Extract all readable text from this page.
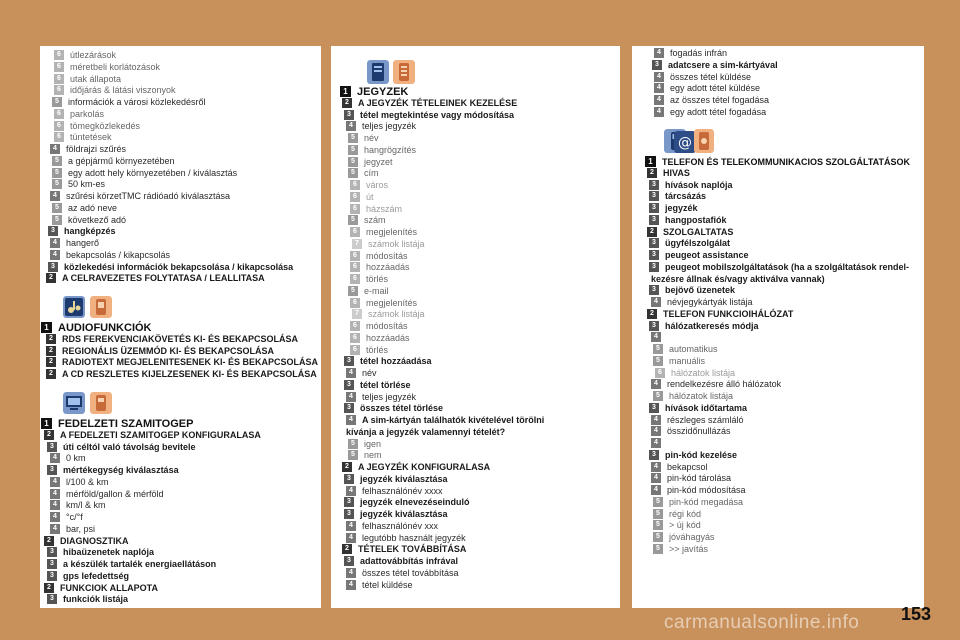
@
6 útlezárások
6 méretbeli korlátozások
6 utak állapota
6 időjárás & látási viszonyok
5 információk a városi közlekedésről
6 parkolás
6 tömegközlekedés
6 tüntetések
4 földrajzi szűrés
5 a gépjármű környezetében
5 egy adott hely környezetében / kiválasztás
5 50 km-es
4 szűrési körzetTMC rádióadó kiválasztása
5 az adó neve
5 következő adó
3 hangképzés
4 hangerő
4 bekapcsolás / kikapcsolás
3 közlekedési információk bekapcsolása / kikapcsolása
2 A CELRAVEZETES FOLYTATASA / LEALLITASA
1 AUDIOFUNKCIÓK
2 RDS FEREKVENCIAKÖVETÉS KI- ÉS BEKAPCSOLÁSA
2 REGIONÁLIS ÜZEMMÓD KI- ÉS BEKAPCSOLÁSA
2 RADIOTEXT MEGJELENITESENEK KI- ÉS BEKAPCSOLÁSA
2 A CD RESZLETES KIJELZESENEK KI- ÉS BEKAPCSOLÁSA
1 FEDELZETI SZAMITOGEP
2 A FEDELZETI SZAMITOGEP KONFIGURALASA
3 úti céltól való távolság bevitele
4 0 km
3 mértékegység kiválasztása
4 l/100 & km
4 mérföld/gallon & mérföld
4 km/l & km
4 °c/°f
4 bar, psi
2 DIAGNOSZTIKA
3 hibaüzenetek naplója
3 a készülék tartalék energiaellátáson
3 gps lefedettség
2 FUNKCIOK ALLAPOTA
3 funkciók listája
1 JEGYZEK
2 A JEGYZÉK TÉTELEINEK KEZELÉSE
3 tétel megtekintése vagy módosítása
4 teljes jegyzék
5 név
5 hangrögzítés
5 jegyzet
5 cím
6 város
6 út
6 házszám
5 szám
6 megjelenítés
7 számok listája
6 módosítás
6 hozzáadás
6 törlés
5 e-mail
6 megjelenítés
7 számok listája
6 módosítás
6 hozzáadás
6 törlés
3 tétel hozzáadása
4 név
3 tétel törlése
4 teljes jegyzék
3 összes tétel törlése
4 A sim-kártyán találhatók kivételével törölni
kívánja a jegyzék valamennyi tételét?
5 igen
5 nem
2 A JEGYZÉK KONFIGURALASA
3 jegyzék kiválasztása
4 felhasználónév xxxx
3 jegyzék elnevezéseinduló
3 jegyzék kiválasztása
4 felhasználónév xxx
4 legutóbb használt jegyzék
2 TÉTELEK TOVÁBBÍTÁSA
3 adattovábbítás infrával
4 összes tétel továbbítása
4 tétel küldése
4 fogadás infrán
3 adatcsere a sim-kártyával
4 összes tétel küldése
4 egy adott tétel küldése
4 az összes tétel fogadása
4 egy adott tétel fogadása
1 TELEFON ÉS TELEKOMMUNIKACIOS SZOLGÁLTATÁSOK
2 HIVAS
3 hívások naplója
3 tárcsázás
3 jegyzék
3 hangpostafiók
2 SZOLGALTATAS
3 ügyfélszolgálat
3 peugeot assistance
3 peugeot mobilszolgáltatások (ha a szolgáltatások rendel-
kezésre állnak és/vagy aktiválva vannak)
3 bejövő üzenetek
4 névjegykártyák listája
2 TELEFON FUNKCIOIHÁLÓZAT
3 hálózatkeresés módja
4
5 automatikus
5 manuális
6 hálózatok listája
4 rendelkezésre álló hálózatok
5 hálózatok listája
3 hívások időtartama
4 részleges számláló
4 összidőnullázás
4
3 pin-kód kezelése
4 bekapcsol
4 pin-kód tárolása
4 pin-kód módosítása
5 pin-kód megadása
5 régi kód
5 > új kód
5 jóváhagyás
5 >> javítás
153
carmanualsonline.info
